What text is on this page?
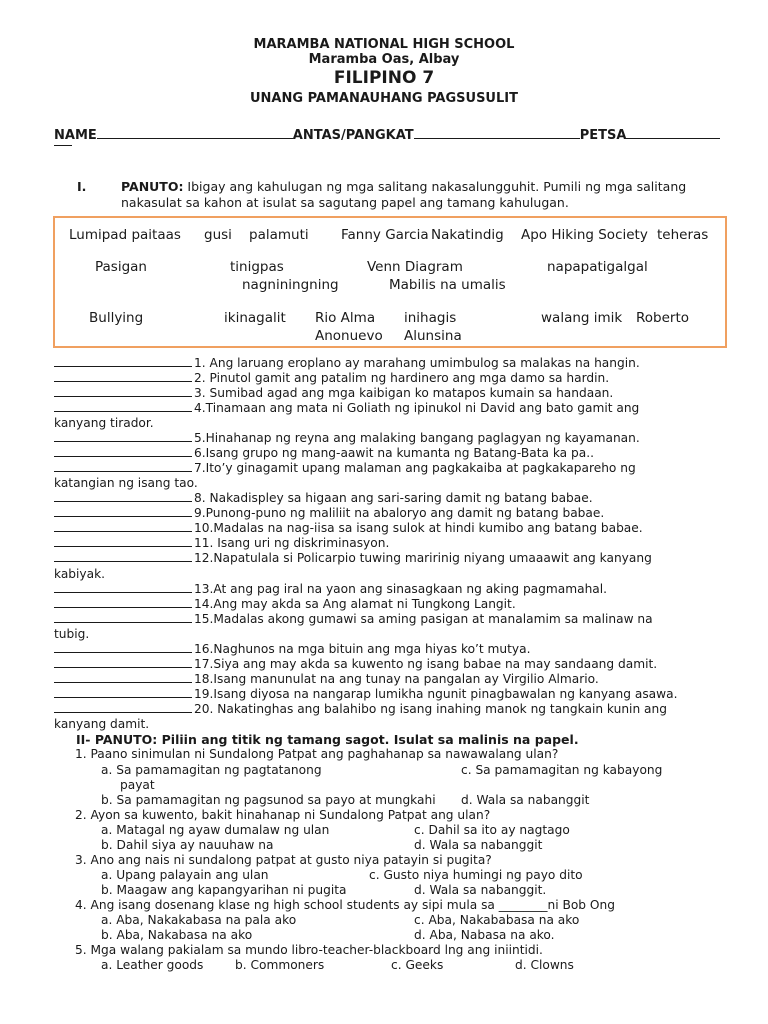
MARAMBA NATIONAL HIGH SCHOOL
Maramba Oas, Albay
FILIPINO 7
UNANG PAMANAUHANG PAGSUSULIT
NAME	ANTAS/PANGKAT	PETSA
I.	PANUTO: Ibigay ang kahulugan ng mga salitang nakasalungguhit. Pumili ng mga salitang nakasulat sa kahon at isulat sa sagutang papel ang tamang kahulugan.
Lumipad paitaas gusi palamuti Fanny Garcia Nakatindig Apo Hiking Society teheras
Pasigan	tinigpas	Venn Diagram	napapatigalgal
nagniningning	Mabilis na umalis
Bullying	ikinagalit Rio Alma inihagis	walang imik Roberto
Anonuevo Alunsina
1. Ang laruang eroplano ay marahang umimbulog sa malakas na hangin.
2. Pinutol gamit ang patalim ng hardinero ang mga damo sa hardin.
3. Sumibad agad ang mga kaibigan ko matapos kumain sa handaan.
4.Tinamaan ang mata ni Goliath ng ipinukol ni David ang bato gamit ang
kanyang tirador.
5.Hinahanap ng reyna ang malaking bangang paglagyan ng kayamanan.
6.Isang grupo ng mang-aawit na kumanta ng Batang-Bata ka pa..
7.Ito’y ginagamit upang malaman ang pagkakaiba at pagkakapareho ng
katangian ng isang tao.
8. Nakadispley sa higaan ang sari-saring damit ng batang babae.
9.Punong-puno ng maliliit na abaloryo ang damit ng batang babae.
10.Madalas na nag-iisa sa isang sulok at hindi kumibo ang batang babae.
11. Isang uri ng diskriminasyon.
12.Napatulala si Policarpio tuwing maririnig niyang umaaawit ang kanyang
kabiyak.
13.At ang pag iral na yaon ang sinasagkaan ng aking pagmamahal.
14.Ang may akda sa Ang alamat ni Tungkong Langit.
15.Madalas akong gumawi sa aming pasigan at manalamim sa malinaw na
tubig.
16.Naghunos na mga bituin ang mga hiyas ko’t mutya.
17.Siya ang may akda sa kuwento ng isang babae na may sandaang damit.
18.Isang manunulat na ang tunay na pangalan ay Virgilio Almario.
19.Isang diyosa na nangarap lumikha ngunit pinagbawalan ng kanyang asawa.
20. Nakatinghas ang balahibo ng isang inahing manok ng tangkain kunin ang
kanyang damit.
II- PANUTO: Piliin ang titik ng tamang sagot. Isulat sa malinis na papel.
1. Paano sinimulan ni Sundalong Patpat ang paghahanap sa nawawalang ulan?
a. Sa pamamagitan ng pagtatanong	c. Sa pamamagitan ng kabayong
payat
b. Sa pamamagitan ng pagsunod sa payo at mungkahi d. Wala sa nabanggit
2. Ayon sa kuwento, bakit hinahanap ni Sundalong Patpat ang ulan?
a. Matagal ng ayaw dumalaw ng ulan	c. Dahil sa ito ay nagtago
b. Dahil siya ay nauuhaw na	d. Wala sa nabanggit
3. Ano ang nais ni sundalong patpat at gusto niya patayin si pugita?
a. Upang palayain ang ulan	c. Gusto niya humingi ng payo dito
b. Maagaw ang kapangyarihan ni pugita	d. Wala sa nabanggit.
4. Ang isang dosenang klase ng high school students ay sipi mula sa ________ni Bob Ong
a. Aba, Nakakabasa na pala ako	c. Aba, Nakababasa na ako
b. Aba, Nakabasa na ako	d. Aba, Nabasa na ako.
5. Mga walang pakialam sa mundo libro-teacher-blackboard lng ang iniintidi.
a. Leather goods	b. Commoners	c. Geeks	d. Clowns
